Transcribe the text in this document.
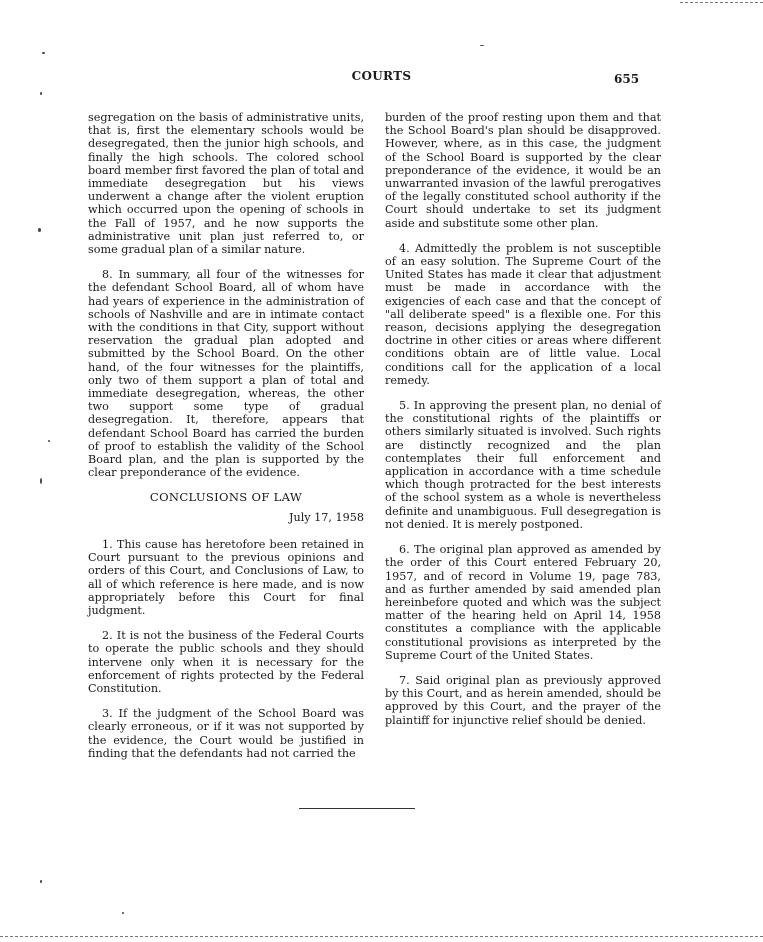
COURTS	655

segregation on the basis of administrative units, that is, first the elementary schools would be desegregated, then the junior high schools, and finally the high schools. The colored school board member first favored the plan of total and immediate desegregation but his views underwent a change after the violent eruption which occurred upon the opening of schools in the Fall of 1957, and he now supports the administrative unit plan just referred to, or some gradual plan of a similar nature.

8. In summary, all four of the witnesses for the defendant School Board, all of whom have had years of experience in the administration of schools of Nashville and are in intimate contact with the conditions in that City, support without reservation the gradual plan adopted and submitted by the School Board. On the other hand, of the four witnesses for the plaintiffs, only two of them support a plan of total and immediate desegregation, whereas, the other two support some type of gradual desegregation. It, therefore, appears that defendant School Board has carried the burden of proof to establish the validity of the School Board plan, and the plan is supported by the clear preponderance of the evidence.

CONCLUSIONS OF LAW
July 17, 1958

1. This cause has heretofore been retained in Court pursuant to the previous opinions and orders of this Court, and Conclusions of Law, to all of which reference is here made, and is now appropriately before this Court for final judgment.

2. It is not the business of the Federal Courts to operate the public schools and they should intervene only when it is necessary for the enforcement of rights protected by the Federal Constitution.

3. If the judgment of the School Board was clearly erroneous, or if it was not supported by the evidence, the Court would be justified in finding that the defendants had not carried the

burden of the proof resting upon them and that the School Board's plan should be disapproved. However, where, as in this case, the judgment of the School Board is supported by the clear preponderance of the evidence, it would be an unwarranted invasion of the lawful prerogatives of the legally constituted school authority if the Court should undertake to set its judgment aside and substitute some other plan.

4. Admittedly the problem is not susceptible of an easy solution. The Supreme Court of the United States has made it clear that adjustment must be made in accordance with the exigencies of each case and that the concept of "all deliberate speed" is a flexible one. For this reason, decisions applying the desegregation doctrine in other cities or areas where different conditions obtain are of little value. Local conditions call for the application of a local remedy.

5. In approving the present plan, no denial of the constitutional rights of the plaintiffs or others similarly situated is involved. Such rights are distinctly recognized and the plan contemplates their full enforcement and application in accordance with a time schedule which though protracted for the best interests of the school system as a whole is nevertheless definite and unambiguous. Full desegregation is not denied. It is merely postponed.

6. The original plan approved as amended by the order of this Court entered February 20, 1957, and of record in Volume 19, page 783, and as further amended by said amended plan hereinbefore quoted and which was the subject matter of the hearing held on April 14, 1958 constitutes a compliance with the applicable constitutional provisions as interpreted by the Supreme Court of the United States.

7. Said original plan as previously approved by this Court, and as herein amended, should be approved by this Court, and the prayer of the plaintiff for injunctive relief should be denied.
